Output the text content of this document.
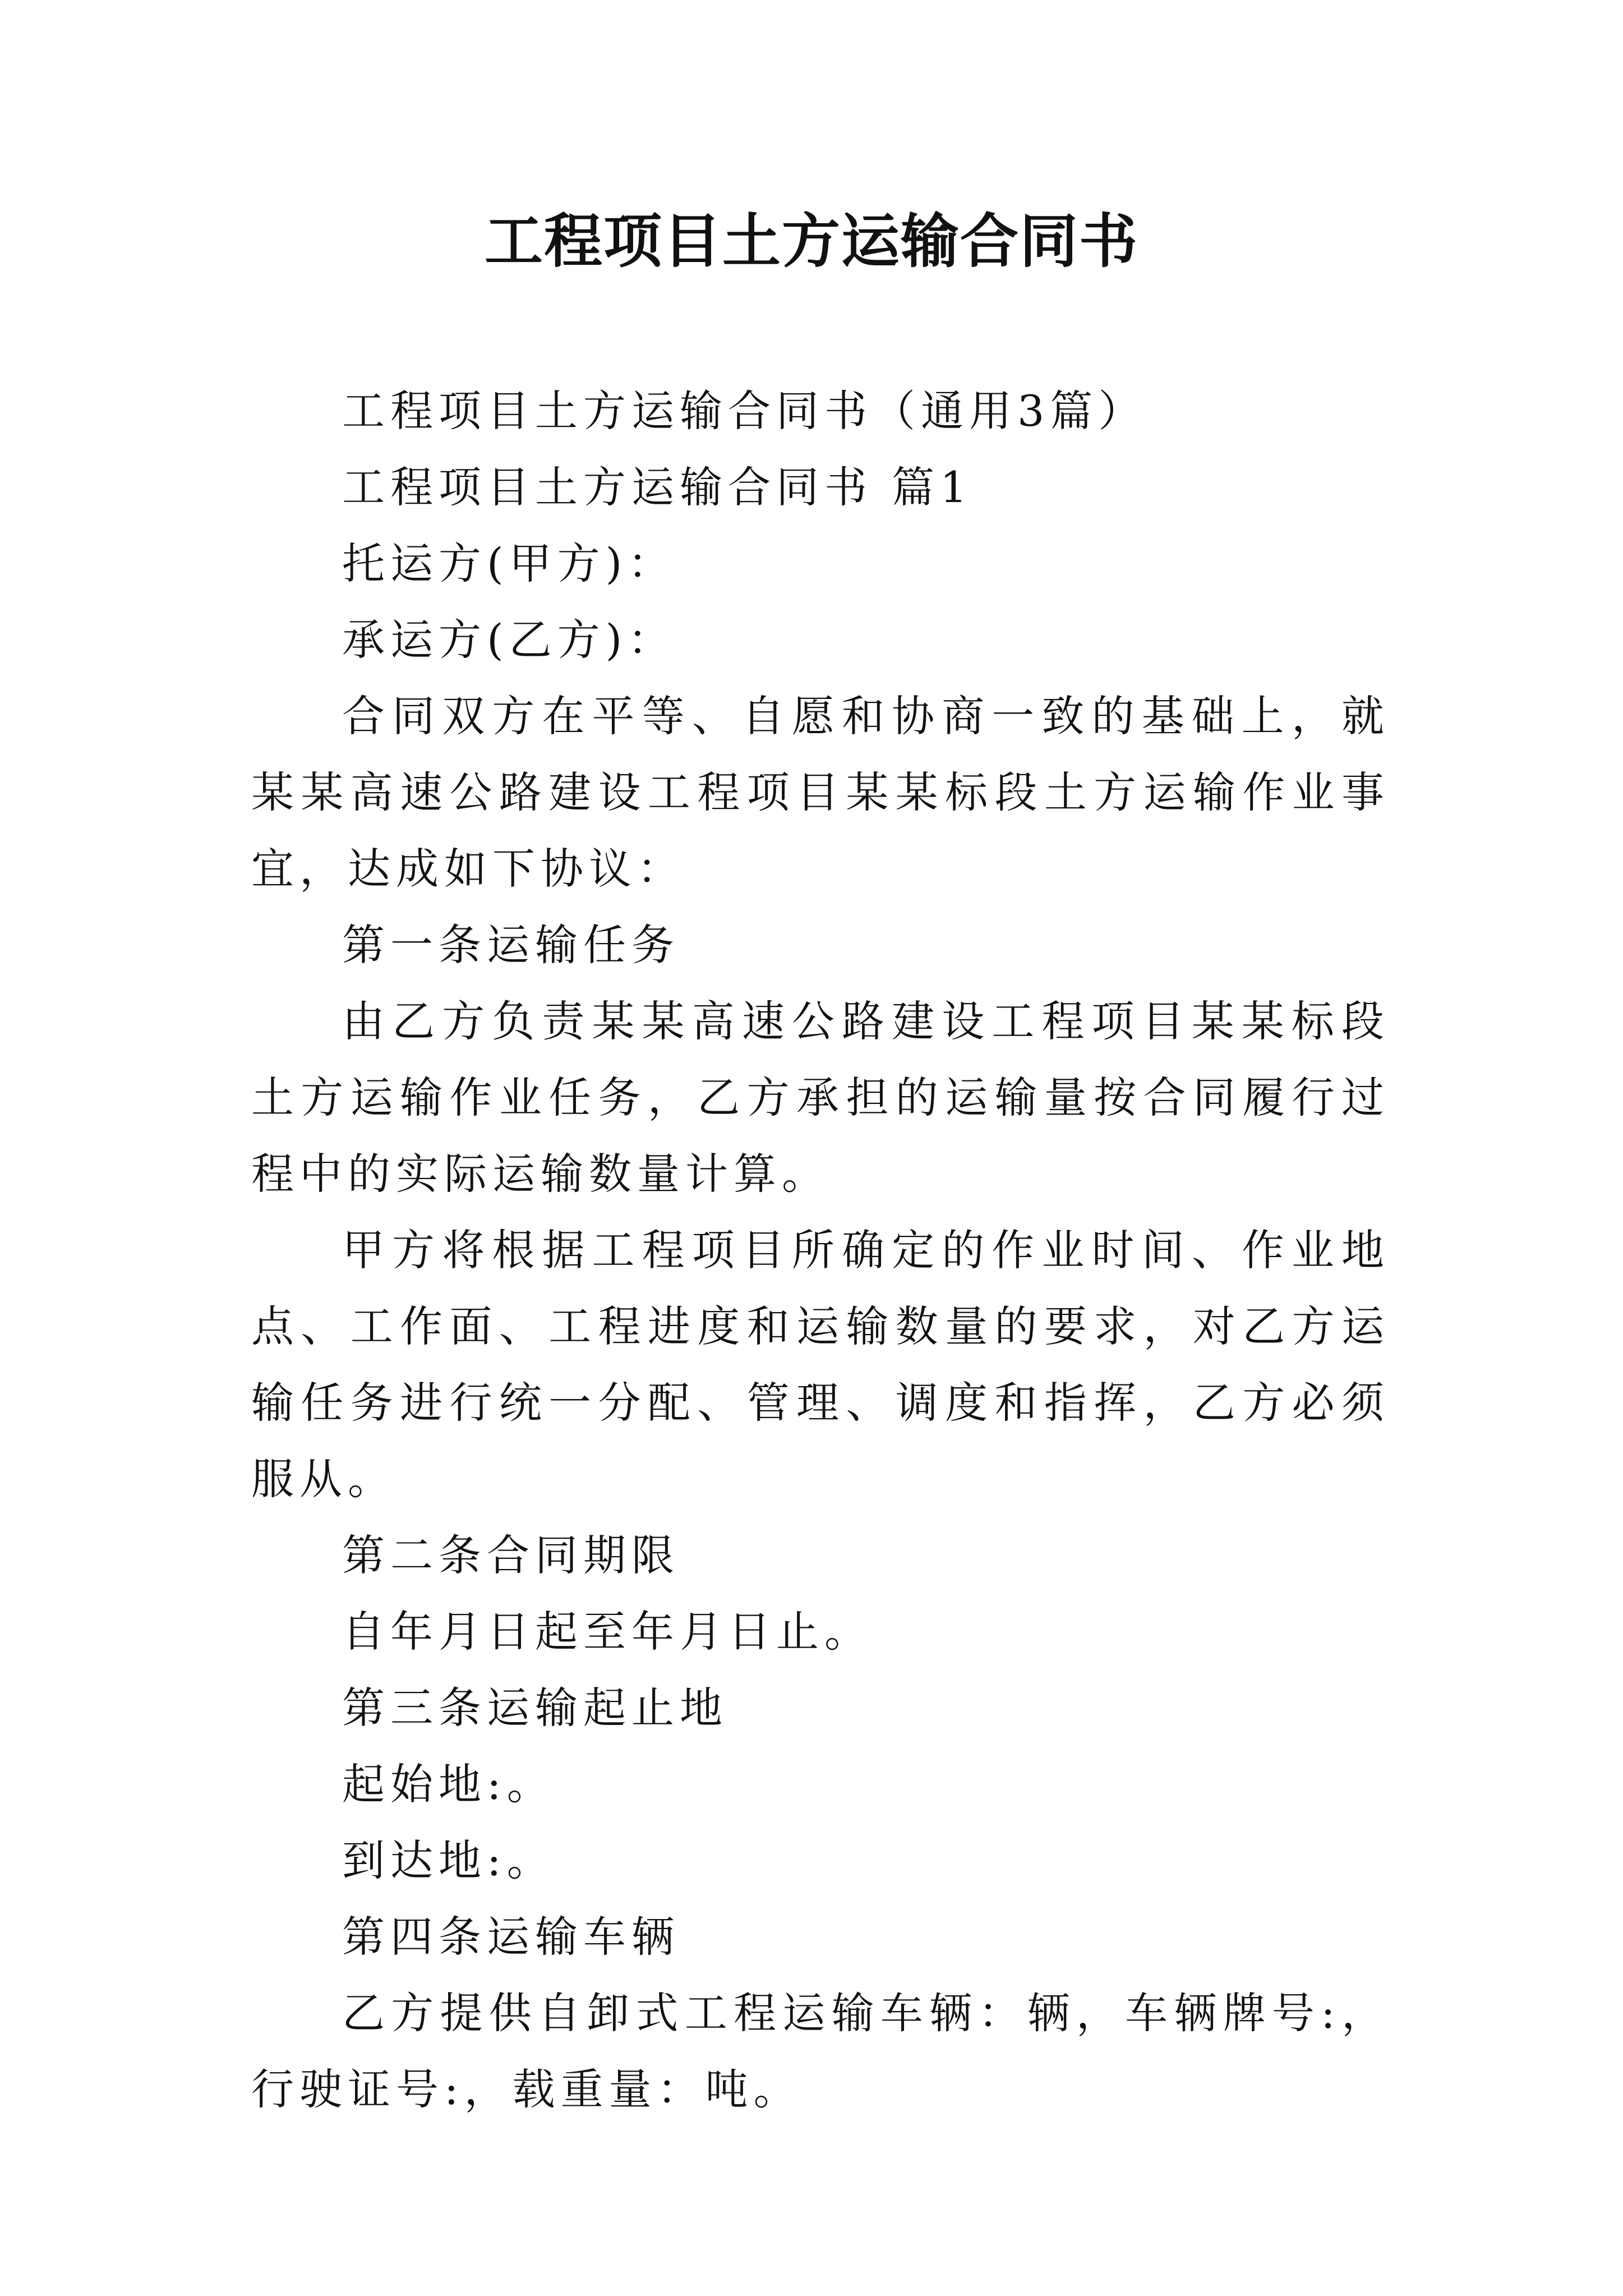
工程项目土方运输合同书

工程项目土方运输合同书（通用3篇）

工程项目土方运输合同书 篇1

托运方(甲方)：

承运方(乙方)：

合同双方在平等、自愿和协商一致的基础上，就某某高速公路建设工程项目某某标段土方运输作业事宜，达成如下协议：

第一条运输任务

由乙方负责某某高速公路建设工程项目某某标段土方运输作业任务，乙方承担的运输量按合同履行过程中的实际运输数量计算。

甲方将根据工程项目所确定的作业时间、作业地点、工作面、工程进度和运输数量的要求，对乙方运输任务进行统一分配、管理、调度和指挥，乙方必须服从。

第二条合同期限

自年月日起至年月日止。

第三条运输起止地

起始地:。

到达地:。

第四条运输车辆

乙方提供自卸式工程运输车辆：辆，车辆牌号:，行驶证号:，载重量：吨。
